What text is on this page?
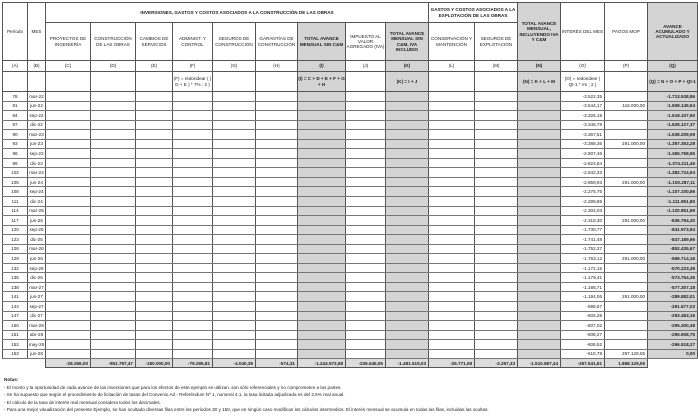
Período	MES	INVERSIONES, GASTOS Y COSTOS ASOCIADOS A LA CONSTRUCCIÓN DE LAS OBRAS									GASTOS Y COSTOS ASOCIADOS A LA EXPLOTACIÓN DE LAS OBRAS		TOTAL AVANCE MENSUAL, INCLUYENDO IVA Y C&M	INTERÉS DEL MES	PAGOS MOP	AVANCE ACUMULADO Y ACTUALIZADO
		PROYECTOS DE INGENIERÍA	CONSTRUCCIÓN DE LAS OBRAS	CAMBIOS DE SERVICIOS	ADMINIST. Y CONTROL	SEGUROS DE CONSTRUCCIÓN	GARANTÍAS DE CONSTRUCCIÓN	TOTAL AVANCE MENSUAL SIN C&M	IMPUESTO AL VALOR AGREGADO (IVA)	TOTAL AVANCE MENSUAL SIN C&M, IVA INCLUIDO	CONSERVACIÓN Y MANTENCIÓN	SEGUROS DE EXPLOTACIÓN				
(A)	(B)	(C)	(D)	(E)	(F)	(G)	(H)	(I)	(J)	(K)	(L)	(M)	(N)	(O)	(P)	(Q)
					(F) = redondear ( ( D + E ) * 7% ; 2 )			(I) = C + D + E + F + G + H		(K) = I + J			(N) = K + L + M	(O) = redondear ( Qt-1 * rm ; 2 )		(Q) = N + O + P + Qt-1
78	mar-22													-3.522,35		-1.713.538,86
81	jun-22													-3.544,17	116.000,00	-1.608.149,54
84	sep-22													-3.326,19		-1.618.107,60
87	dic-22													-3.346,78		-1.628.127,37
90	mar-23													-3.367,51		-1.638.209,09
93	jun-23													-3.388,36	291.000,00	-1.357.353,28
96	sep-23													-2.807,46		-1.365.758,95
99	dic-23													-2.824,84		-1.374.211,46
102	mar-24													-2.842,33		-1.382.724,94
105	jun-24													-2.859,93	291.000,00	-1.100.287,11
108	sep-24													-2.275,76		-1.107.100,86
111	dic-24													-2.289,85		-1.111.951,80
114	mar-25													-2.304,03		-1.120.851,69
117	jun-25													-2.318,30	291.000,00	-836.794,30
120	sep-25													-1.730,77		-841.973,94
123	dic-25													-1.741,48		-847.189,66
126	mar-26													-1.752,27		-852.435,67
129	jun-26													-1.763,12	291.000,00	-566.714,16
132	sep-26													-1.172,15		-570.223,39
135	dic-26													-1.179,41		-573.754,36
138	mar-27													-1.186,71		-577.307,18
141	jun-27													-1.194,06	291.000,00	-289.882,01
144	sep-27													-599,57		-291.677,03
147	dic-27													-603,28		-293.483,16
150	mar-28													-607,02		-295.300,48
151	abr-28													-608,27		-295.908,75
152	may-28													-609,52		-296.518,27
153	jun-28													-610,78	297.129,05	0,00
		-28.266,00	-951.797,47	-180.000,00	-79.295,81	-4.040,39	-574,31	-1.244.973,98	-236.545,05	-1.481.519,03	-25.771,08	-3.297,33	-1.510.587,44	-357.541,61	1.868.129,05	
Notas:
- El monto y la oportunidad de cada avance de las inversiones que para los efectos de este ejemplo se utilizan, son sólo referenciales y no comprometen a las partes.
- Se ha supuesto que según el procedimiento de licitación de tasas del Convenio Ad - Referéndum Nº 1, numeral 4.1, la tasa licitada adjudicada es del 2,5% real anual.
- El cálculo de la tasa de interés real mensual considera todos los decimales.
- Para una mejor visualización del presente Ejemplo, se han ocultado diversas filas entre los períodos 30 y 150, que en ningún caso modifican los cálculos intermedios. El interés mensual se acumula en todas las filas, incluidas las ocultas.
